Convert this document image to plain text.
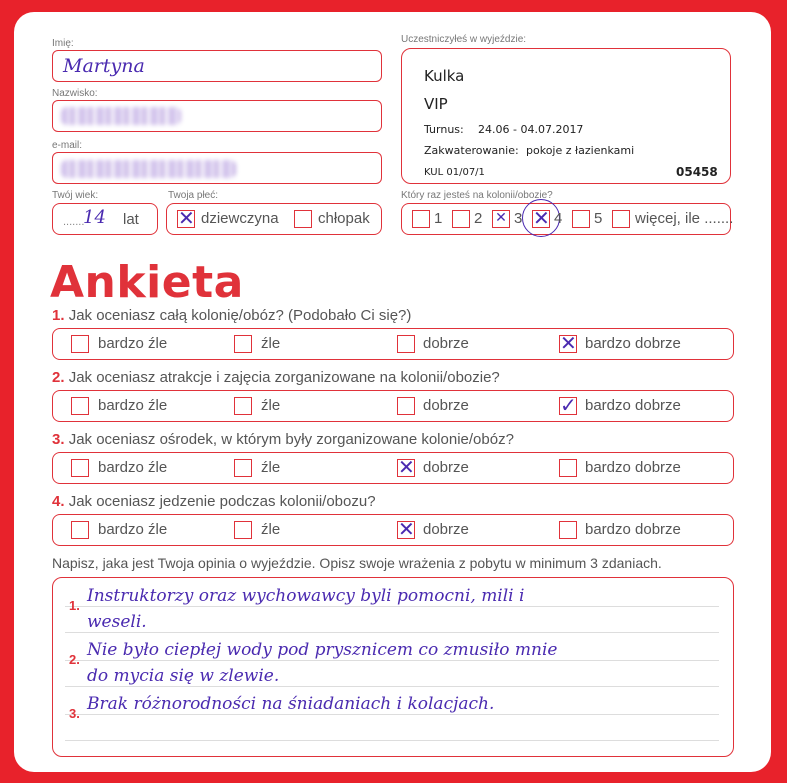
Imię:
Martyna
Nazwisko:
e-mail:
Twój wiek:
.......
14 lat
Twoja płeć:
✕ dziewczyna	chłopak
Uczestniczyłeś w wyjeździe:
Kulka
VIP
Turnus: 24.06 - 04.07.2017
Zakwaterowanie: pokoje z łazienkami
KUL 01/07/1	05458
Który raz jesteś na kolonii/obozie?
1 2 ✕ 3 ✕ 4 5 więcej, ile .......
Ankieta
1. Jak oceniasz całą kolonię/obóz? (Podobało Ci się?)
bardzo źle	źle	dobrze	✕ bardzo dobrze
2. Jak oceniasz atrakcje i zajęcia zorganizowane na kolonii/obozie?
bardzo źle	źle	dobrze	✓ bardzo dobrze
3. Jak oceniasz ośrodek, w którym były zorganizowane kolonie/obóz?
bardzo źle	źle	✕ dobrze	bardzo dobrze
4. Jak oceniasz jedzenie podczas kolonii/obozu?
bardzo źle	źle	✕ dobrze	bardzo dobrze
Napisz, jaka jest Twoja opinia o wyjeździe. Opisz swoje wrażenia z pobytu w minimum 3 zdaniach.
1.
2.
3.
Instruktorzy oraz wychowawcy byli pomocni, mili i
weseli.
Nie było ciepłej wody pod prysznicem co zmusiło mnie
do mycia się w zlewie.
Brak różnorodności na śniadaniach i kolacjach.
